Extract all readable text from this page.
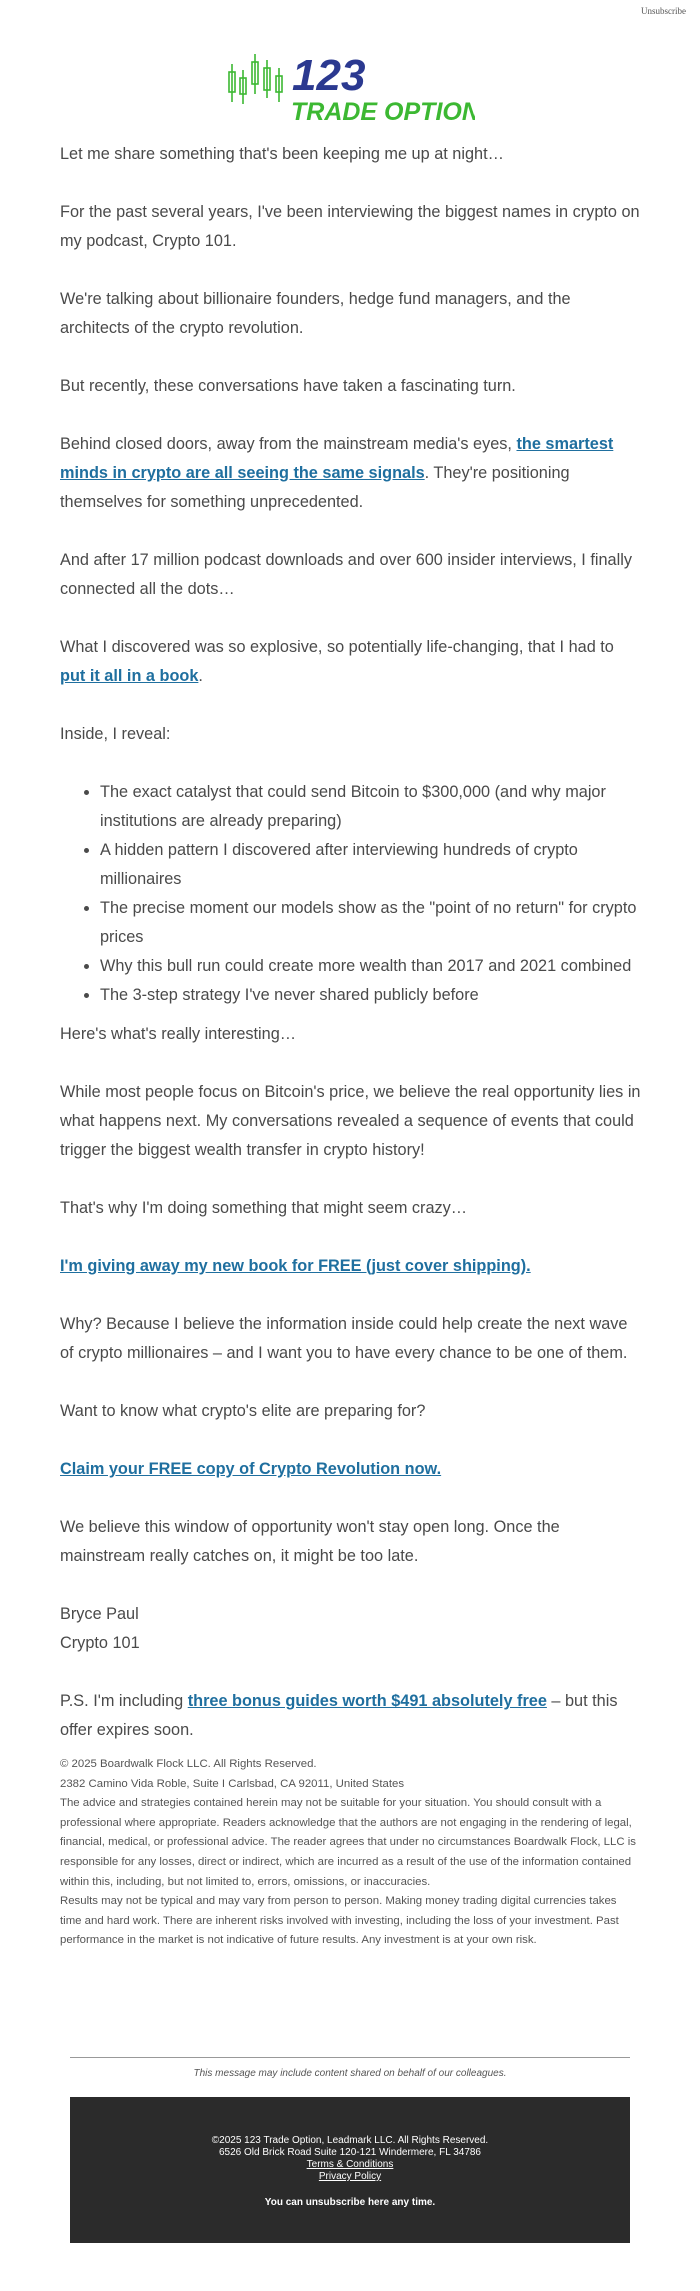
Unsubscribe
123
TRADE OPTION

Let me share something that's been keeping me up at night…

For the past several years, I've been interviewing the biggest names in crypto on my podcast, Crypto 101.

We're talking about billionaire founders, hedge fund managers, and the architects of the crypto revolution.

But recently, these conversations have taken a fascinating turn.

Behind closed doors, away from the mainstream media's eyes, the smartest minds in crypto are all seeing the same signals. They're positioning themselves for something unprecedented.

And after 17 million podcast downloads and over 600 insider interviews, I finally connected all the dots…

What I discovered was so explosive, so potentially life-changing, that I had to put it all in a book.

Inside, I reveal:

• The exact catalyst that could send Bitcoin to $300,000 (and why major institutions are already preparing)
• A hidden pattern I discovered after interviewing hundreds of crypto millionaires
• The precise moment our models show as the "point of no return" for crypto prices
• Why this bull run could create more wealth than 2017 and 2021 combined
• The 3-step strategy I've never shared publicly before

Here's what's really interesting…

While most people focus on Bitcoin's price, we believe the real opportunity lies in what happens next. My conversations revealed a sequence of events that could trigger the biggest wealth transfer in crypto history!

That's why I'm doing something that might seem crazy…

I'm giving away my new book for FREE (just cover shipping).

Why? Because I believe the information inside could help create the next wave of crypto millionaires – and I want you to have every chance to be one of them.

Want to know what crypto's elite are preparing for?

Claim your FREE copy of Crypto Revolution now.

We believe this window of opportunity won't stay open long. Once the mainstream really catches on, it might be too late.

Bryce Paul

Crypto 101

P.S. I'm including three bonus guides worth $491 absolutely free – but this offer expires soon.

© 2025 Boardwalk Flock LLC. All Rights Reserved.

2382 Camino Vida Roble, Suite I Carlsbad, CA 92011, United States

The advice and strategies contained herein may not be suitable for your situation. You should consult with a professional where appropriate. Readers acknowledge that the authors are not engaging in the rendering of legal, financial, medical, or professional advice. The reader agrees that under no circumstances Boardwalk Flock, LLC is responsible for any losses, direct or indirect, which are incurred as a result of the use of the information contained within this, including, but not limited to, errors, omissions, or inaccuracies.

Results may not be typical and may vary from person to person. Making money trading digital currencies takes time and hard work. There are inherent risks involved with investing, including the loss of your investment. Past performance in the market is not indicative of future results. Any investment is at your own risk.

This message may include content shared on behalf of our colleagues.
©2025 123 Trade Option, Leadmark LLC. All Rights Reserved.
6526 Old Brick Road Suite 120-121 Windermere, FL 34786
Terms & Conditions
Privacy Policy
You can unsubscribe here any time.
